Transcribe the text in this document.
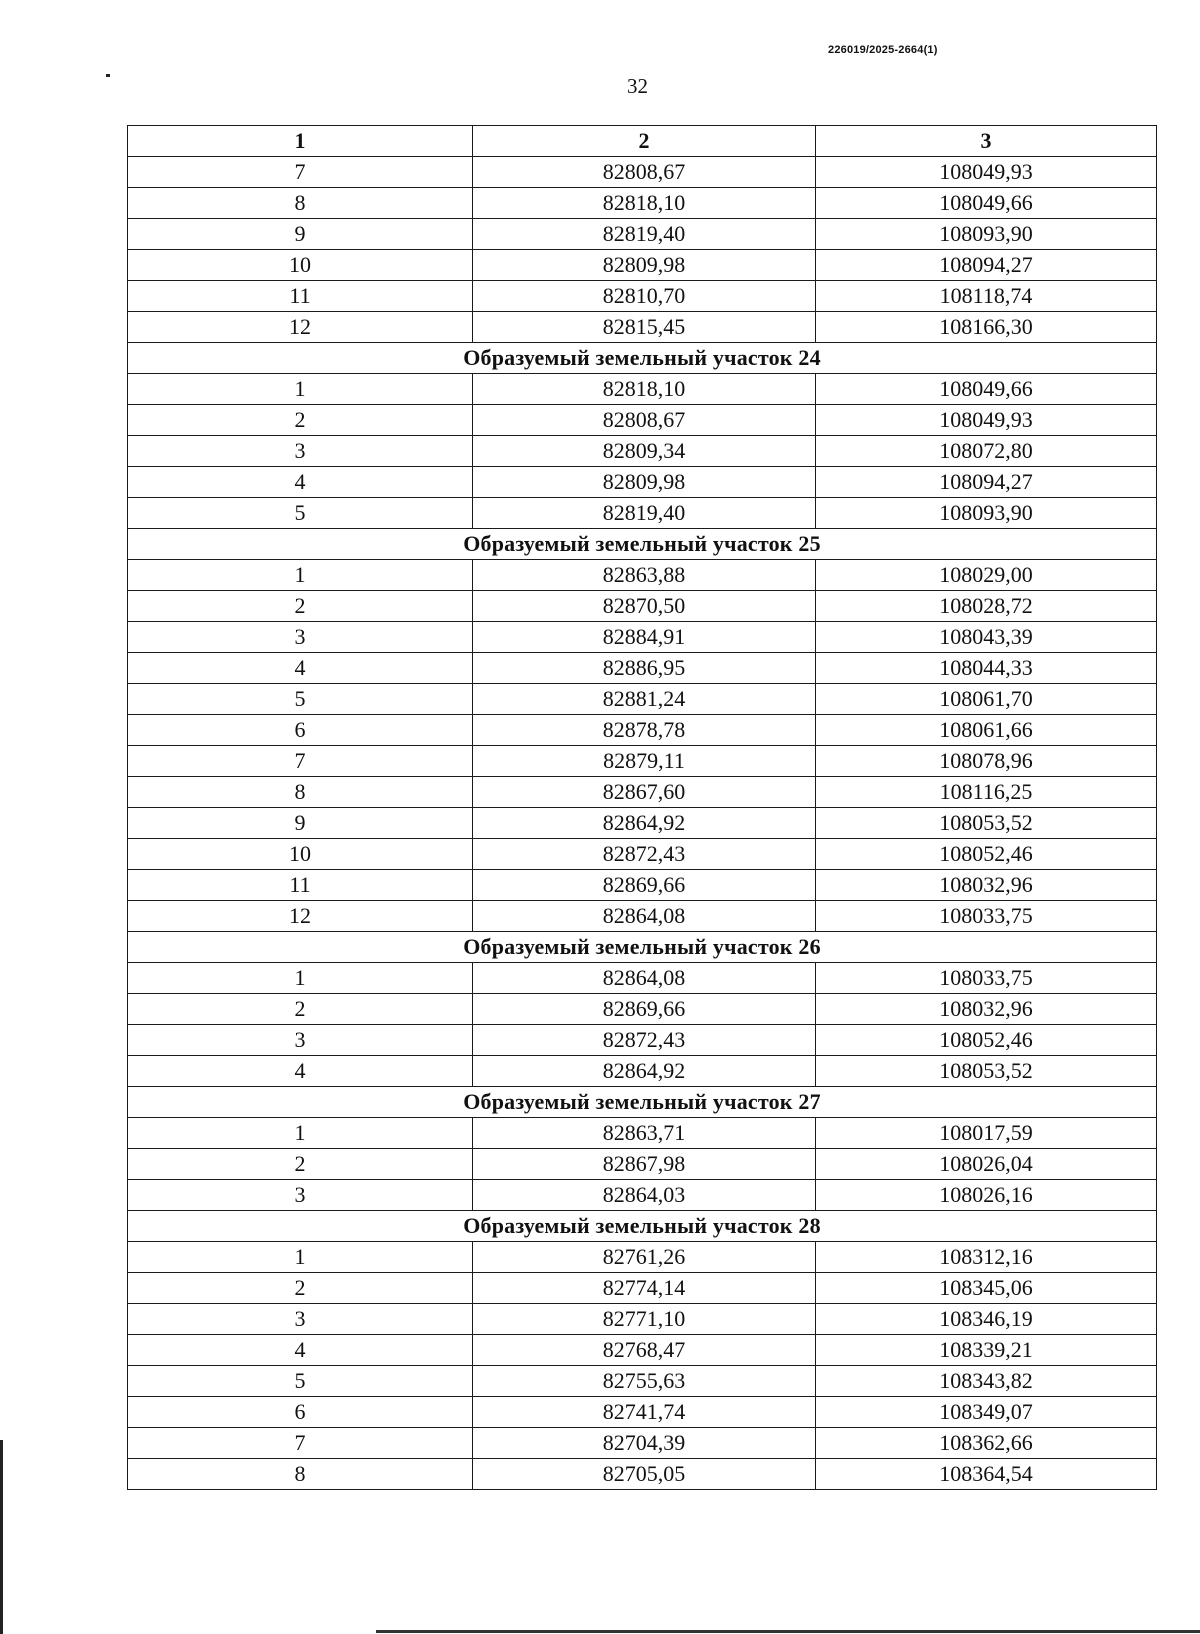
226019/2025-2664(1)
32
1	2	3
7	82808,67	108049,93
8	82818,10	108049,66
9	82819,40	108093,90
10	82809,98	108094,27
11	82810,70	108118,74
12	82815,45	108166,30
Образуемый земельный участок 24		
1	82818,10	108049,66
2	82808,67	108049,93
3	82809,34	108072,80
4	82809,98	108094,27
5	82819,40	108093,90
Образуемый земельный участок 25		
1	82863,88	108029,00
2	82870,50	108028,72
3	82884,91	108043,39
4	82886,95	108044,33
5	82881,24	108061,70
6	82878,78	108061,66
7	82879,11	108078,96
8	82867,60	108116,25
9	82864,92	108053,52
10	82872,43	108052,46
11	82869,66	108032,96
12	82864,08	108033,75
Образуемый земельный участок 26		
1	82864,08	108033,75
2	82869,66	108032,96
3	82872,43	108052,46
4	82864,92	108053,52
Образуемый земельный участок 27		
1	82863,71	108017,59
2	82867,98	108026,04
3	82864,03	108026,16
Образуемый земельный участок 28		
1	82761,26	108312,16
2	82774,14	108345,06
3	82771,10	108346,19
4	82768,47	108339,21
5	82755,63	108343,82
6	82741,74	108349,07
7	82704,39	108362,66
8	82705,05	108364,54
